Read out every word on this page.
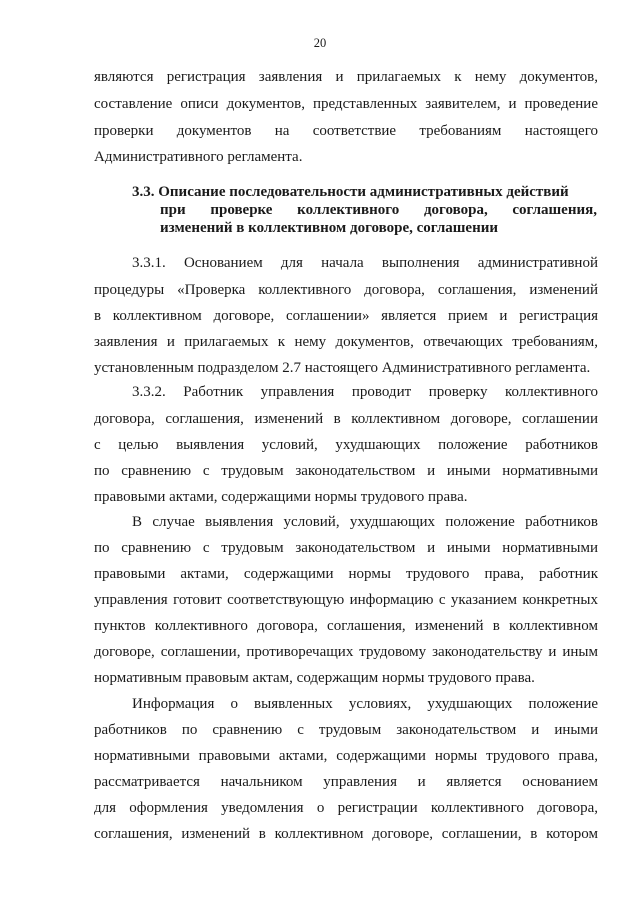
20
являются регистрация заявления и прилагаемых к нему документов,
составление описи документов, представленных заявителем, и проведение
проверки документов на соответствие требованиям настоящего
Административного регламента.
3.3. Описание последовательности административных действий
при проверке коллективного договора, соглашения,
изменений в коллективном договоре, соглашении
3.3.1. Основанием для начала выполнения административной
процедуры «Проверка коллективного договора, соглашения, изменений
в коллективном договоре, соглашении» является прием и регистрация
заявления и прилагаемых к нему документов, отвечающих требованиям,
установленным подразделом 2.7 настоящего Административного регламента.
3.3.2. Работник управления проводит проверку коллективного
договора, соглашения, изменений в коллективном договоре, соглашении
с целью выявления условий, ухудшающих положение работников
по сравнению с трудовым законодательством и иными нормативными
правовыми актами, содержащими нормы трудового права.
В случае выявления условий, ухудшающих положение работников
по сравнению с трудовым законодательством и иными нормативными
правовыми актами, содержащими нормы трудового права, работник
управления готовит соответствующую информацию с указанием конкретных
пунктов коллективного договора, соглашения, изменений в коллективном
договоре, соглашении, противоречащих трудовому законодательству и иным
нормативным правовым актам, содержащим нормы трудового права.
Информация о выявленных условиях, ухудшающих положение
работников по сравнению с трудовым законодательством и иными
нормативными правовыми актами, содержащими нормы трудового права,
рассматривается начальником управления и является основанием
для оформления уведомления о регистрации коллективного договора,
соглашения, изменений в коллективном договоре, соглашении, в котором
